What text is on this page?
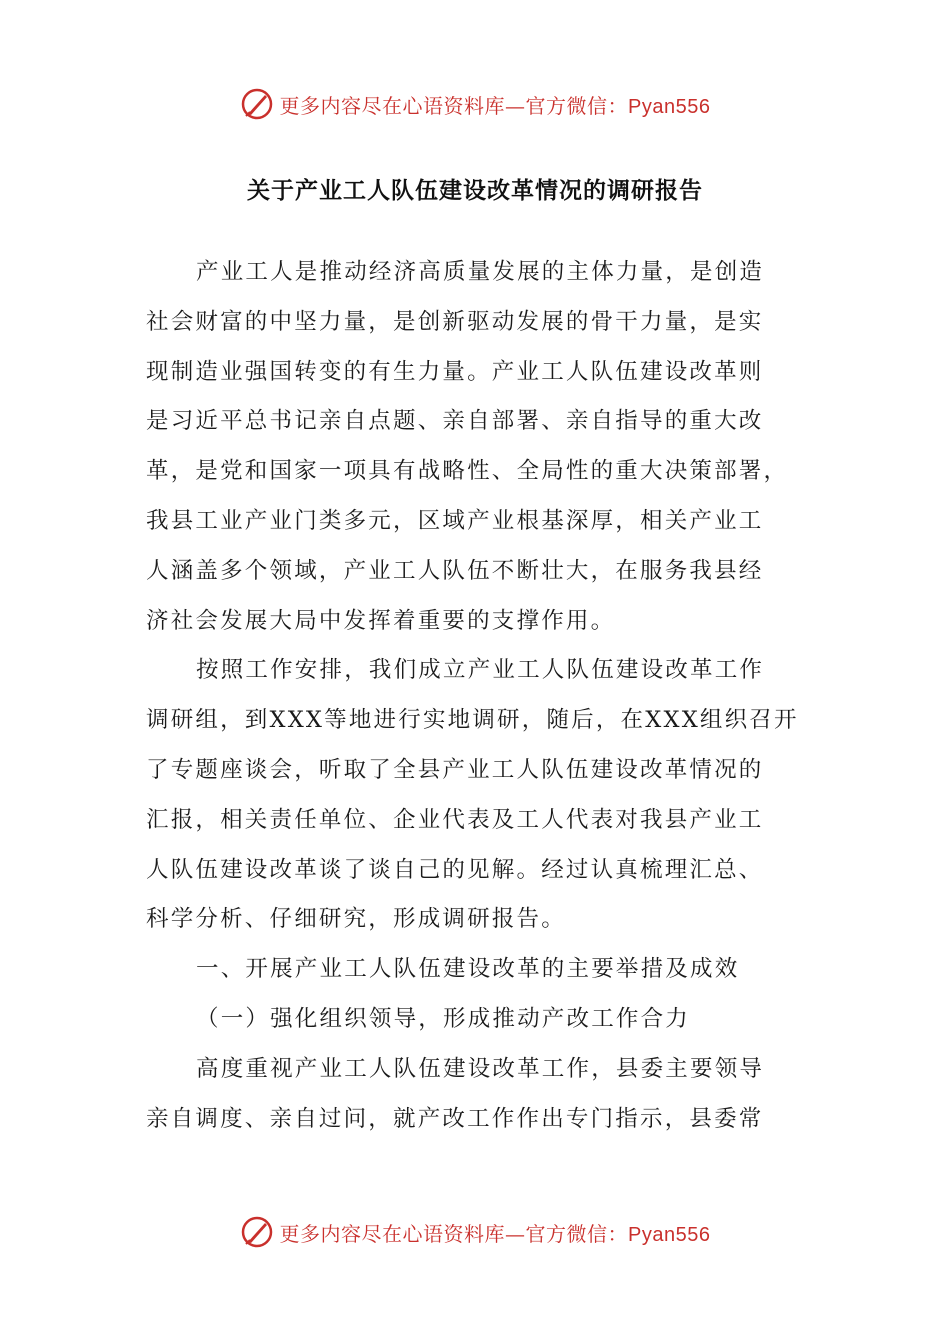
更多内容尽在心语资料库—官方微信：Pyan556
关于产业工人队伍建设改革情况的调研报告
产业工人是推动经济高质量发展的主体力量，是创造
社会财富的中坚力量，是创新驱动发展的骨干力量，是实
现制造业强国转变的有生力量。产业工人队伍建设改革则
是习近平总书记亲自点题、亲自部署、亲自指导的重大改
革，是党和国家一项具有战略性、全局性的重大决策部署，
我县工业产业门类多元，区域产业根基深厚，相关产业工
人涵盖多个领域，产业工人队伍不断壮大，在服务我县经
济社会发展大局中发挥着重要的支撑作用。
按照工作安排，我们成立产业工人队伍建设改革工作
调研组，到XXX等地进行实地调研，随后，在XXX组织召开
了专题座谈会，听取了全县产业工人队伍建设改革情况的
汇报，相关责任单位、企业代表及工人代表对我县产业工
人队伍建设改革谈了谈自己的见解。经过认真梳理汇总、
科学分析、仔细研究，形成调研报告。
一、开展产业工人队伍建设改革的主要举措及成效
（一）强化组织领导，形成推动产改工作合力
高度重视产业工人队伍建设改革工作，县委主要领导
亲自调度、亲自过问，就产改工作作出专门指示，县委常
更多内容尽在心语资料库—官方微信：Pyan556
